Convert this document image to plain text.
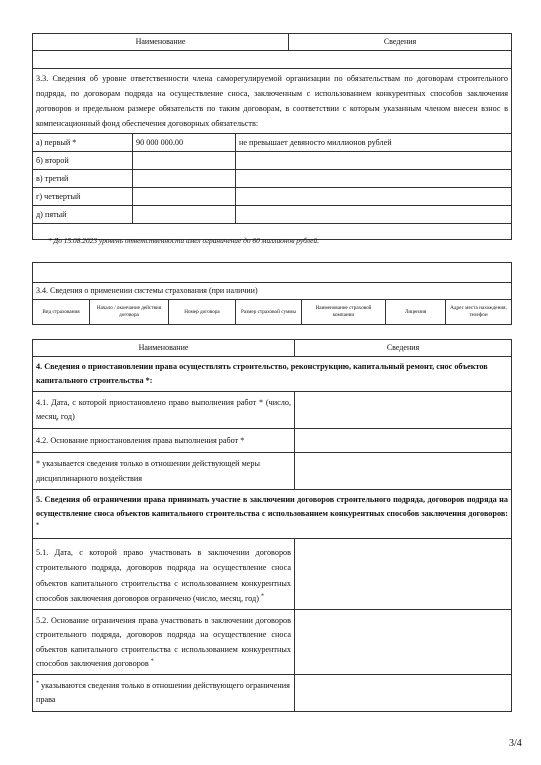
Наименование			Сведения

3.3. Сведения об уровне ответственности члена саморегулируемой организации по обязательствам по договорам строительного подряда, по договорам подряда на осуществление сноса, заключенным с использованием конкурентных способов заключения договоров и предельном размере обязательств по таким договорам, в соответствии с которым указанным членом внесен взнос в компенсационный фонд обеспечения договорных обязательств:			
а) первый *	90 000 000.00	не превышает девяносто миллионов рублей	
б) второй			
в) третий			
г) четвертый			
д) пятый			

* До 15.08.2023 уровень ответственности имел ограничение до 60 миллионов рублей.

3.4. Сведения о применении системы страхования (при наличии)
Вид страхования	Начало / окончание действия договора	Номер договора	Размер страховой суммы	Наименование страховой компании	Лицензия	Адрес места нахождения, телефон
Наименование	Сведения
4. Сведения о приостановлении права осуществлять строительство, реконструкцию, капитальный ремонт, снос объектов капитального строительства *:	
4.1. Дата, с которой приостановлено право выполнения работ * (число, месяц, год)	
4.2. Основание приостановления права выполнения работ *	
* указывается сведения только в отношении действующей меры дисциплинарного воздействия	
5. Сведения об ограничении права принимать участие в заключении договоров строительного подряда, договоров подряда на осуществление сноса объектов капитального строительства с использованием конкурентных способов заключения договоров: *
5.1. Дата, с которой право участвовать в заключении договоров строительного подряда, договоров подряда на осуществление сноса объектов капитального строительства с использованием конкурентных способов заключения договоров ограничено (число, месяц, год) *	
5.2. Основание ограничения права участвовать в заключении договоров строительного подряда, договоров подряда на осуществление сноса объектов капитального строительства с использованием конкурентных способов заключения договоров *	
* указываются сведения только в отношении действующего ограничения права	
3/4
